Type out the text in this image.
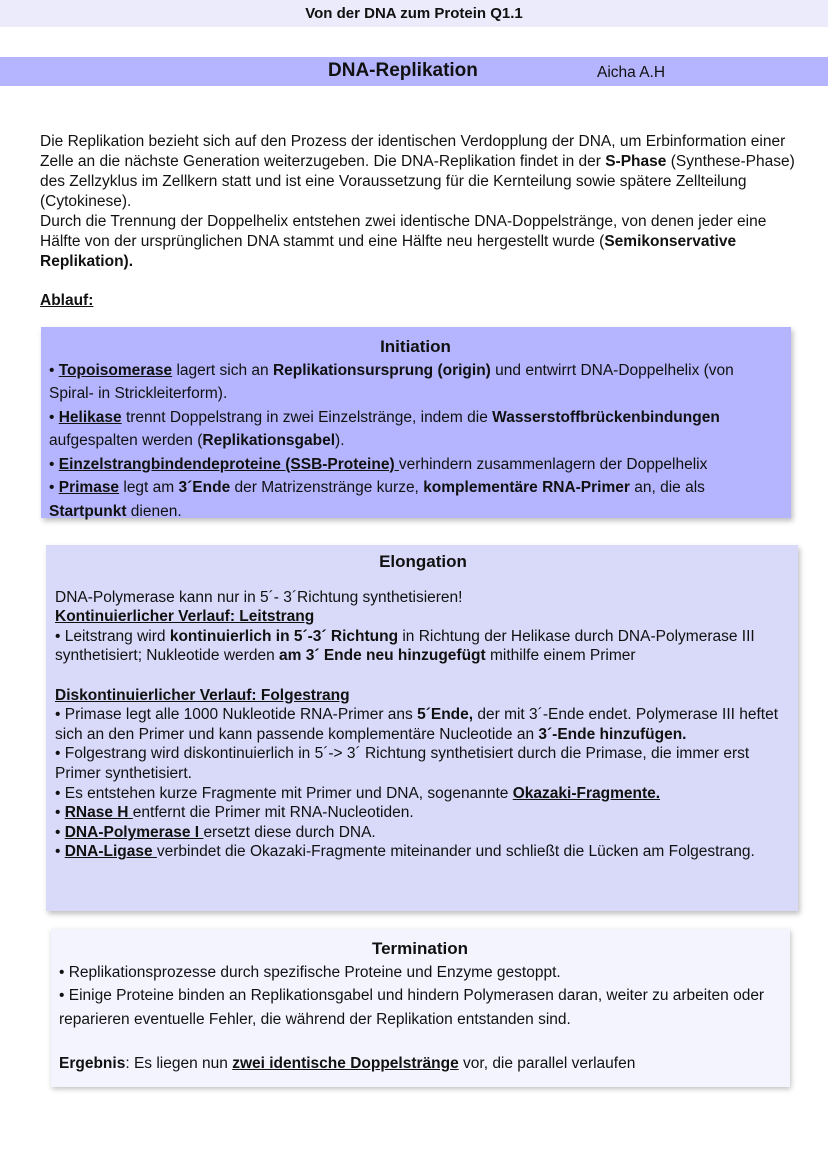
Von der DNA zum Protein Q1.1
DNA-Replikation	Aicha A.H

Die Replikation bezieht sich auf den Prozess der identischen Verdopplung der DNA, um Erbinformation einer Zelle an die nächste Generation weiterzugeben. Die DNA-Replikation findet in der S-Phase (Synthese-Phase) des Zellzyklus im Zellkern statt und ist eine Voraussetzung für die Kernteilung sowie spätere Zellteilung (Cytokinese).

Durch die Trennung der Doppelhelix entstehen zwei identische DNA-Doppelstränge, von denen jeder eine Hälfte von der ursprünglichen DNA stammt und eine Hälfte neu hergestellt wurde (Semikonservative Replikation).

Ablauf:
Initiation

• Topoisomerase lagert sich an Replikationsursprung (origin) und entwirrt DNA-Doppelhelix (von Spiral- in Strickleiterform).

• Helikase trennt Doppelstrang in zwei Einzelstränge, indem die Wasserstoffbrückenbindungen aufgespalten werden (Replikationsgabel).

• Einzelstrangbindendeproteine (SSB-Proteine) verhindern zusammenlagern der Doppelhelix

• Primase legt am 3´Ende der Matrizenstränge kurze, komplementäre RNA-Primer an, die als Startpunkt dienen.

Elongation

DNA-Polymerase kann nur in 5´- 3´Richtung synthetisieren!

Kontinuierlicher Verlauf: Leitstrang

• Leitstrang wird kontinuierlich in 5´-3´ Richtung in Richtung der Helikase durch DNA-Polymerase III synthetisiert; Nukleotide werden am 3´ Ende neu hinzugefügt mithilfe einem Primer

Diskontinuierlicher Verlauf: Folgestrang

• Primase legt alle 1000 Nukleotide RNA-Primer ans 5´Ende, der mit 3´-Ende endet. Polymerase III heftet sich an den Primer und kann passende komplementäre Nucleotide an 3´-Ende hinzufügen.

• Folgestrang wird diskontinuierlich in 5´-> 3´ Richtung synthetisiert durch die Primase, die immer erst Primer synthetisiert.

• Es entstehen kurze Fragmente mit Primer und DNA, sogenannte Okazaki-Fragmente.

• RNase H entfernt die Primer mit RNA-Nucleotiden.

• DNA-Polymerase I ersetzt diese durch DNA.

• DNA-Ligase verbindet die Okazaki-Fragmente miteinander und schließt die Lücken am Folgestrang.

Termination

• Replikationsprozesse durch spezifische Proteine und Enzyme gestoppt.

• Einige Proteine binden an Replikationsgabel und hindern Polymerasen daran, weiter zu arbeiten oder reparieren eventuelle Fehler, die während der Replikation entstanden sind.

Ergebnis: Es liegen nun zwei identische Doppelstränge vor, die parallel verlaufen
